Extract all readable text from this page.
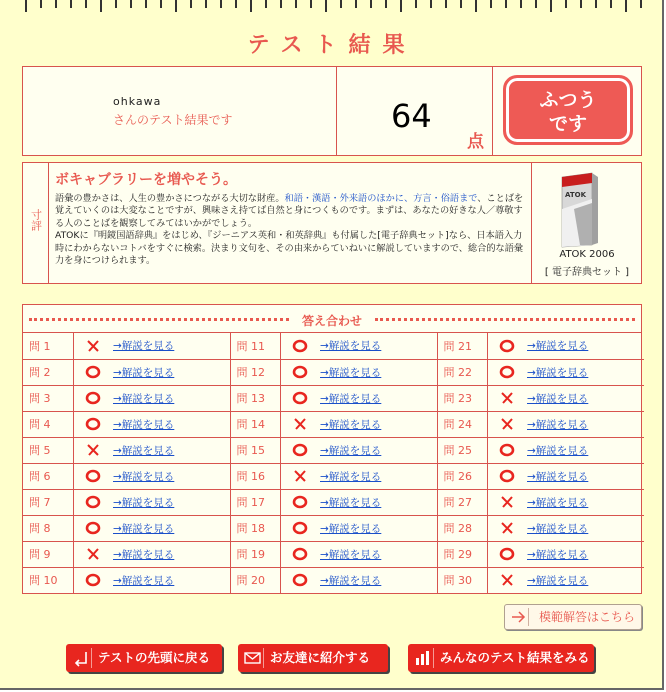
テスト結果
ohkawa
さんのテスト結果です	64
点
ふつう
です
寸評
ボキャブラリーを増やそう。
語彙の豊かさは、人生の豊かさにつながる大切な財産。和語・漢語・外来語のほかに、方言・俗語まで、ことばを覚えていくのは大変なことですが、興味さえ持てば自然と身につくものです。まずは、あなたの好きな人／尊敬する人のことばを観察してみてはいかがでしょう。
ATOKに『明鏡国語辞典』をはじめ、『ジーニアス英和・和英辞典』も付属した[電子辞典セット]なら、日本語入力時にわからないコトバをすぐに検索。決まり文句を、その由来からていねいに解説していますので、総合的な語彙力を身につけられます。
ATOK
ATOK 2006
[ 電子辞典セット ]
答え合わせ
問 1		→解説を見る	問 11		→解説を見る	問 21		→解説を見る
問 2		→解説を見る	問 12		→解説を見る	問 22		→解説を見る
問 3		→解説を見る	問 13		→解説を見る	問 23		→解説を見る
問 4		→解説を見る	問 14		→解説を見る	問 24		→解説を見る
問 5		→解説を見る	問 15		→解説を見る	問 25		→解説を見る
問 6		→解説を見る	問 16		→解説を見る	問 26		→解説を見る
問 7		→解説を見る	問 17		→解説を見る	問 27		→解説を見る
問 8		→解説を見る	問 18		→解説を見る	問 28		→解説を見る
問 9		→解説を見る	問 19		→解説を見る	問 29		→解説を見る
問 10		→解説を見る	問 20		→解説を見る	問 30		→解説を見る
模範解答はこちら
テストの先頭に戻る	お友達に紹介する	みんなのテスト結果をみる
